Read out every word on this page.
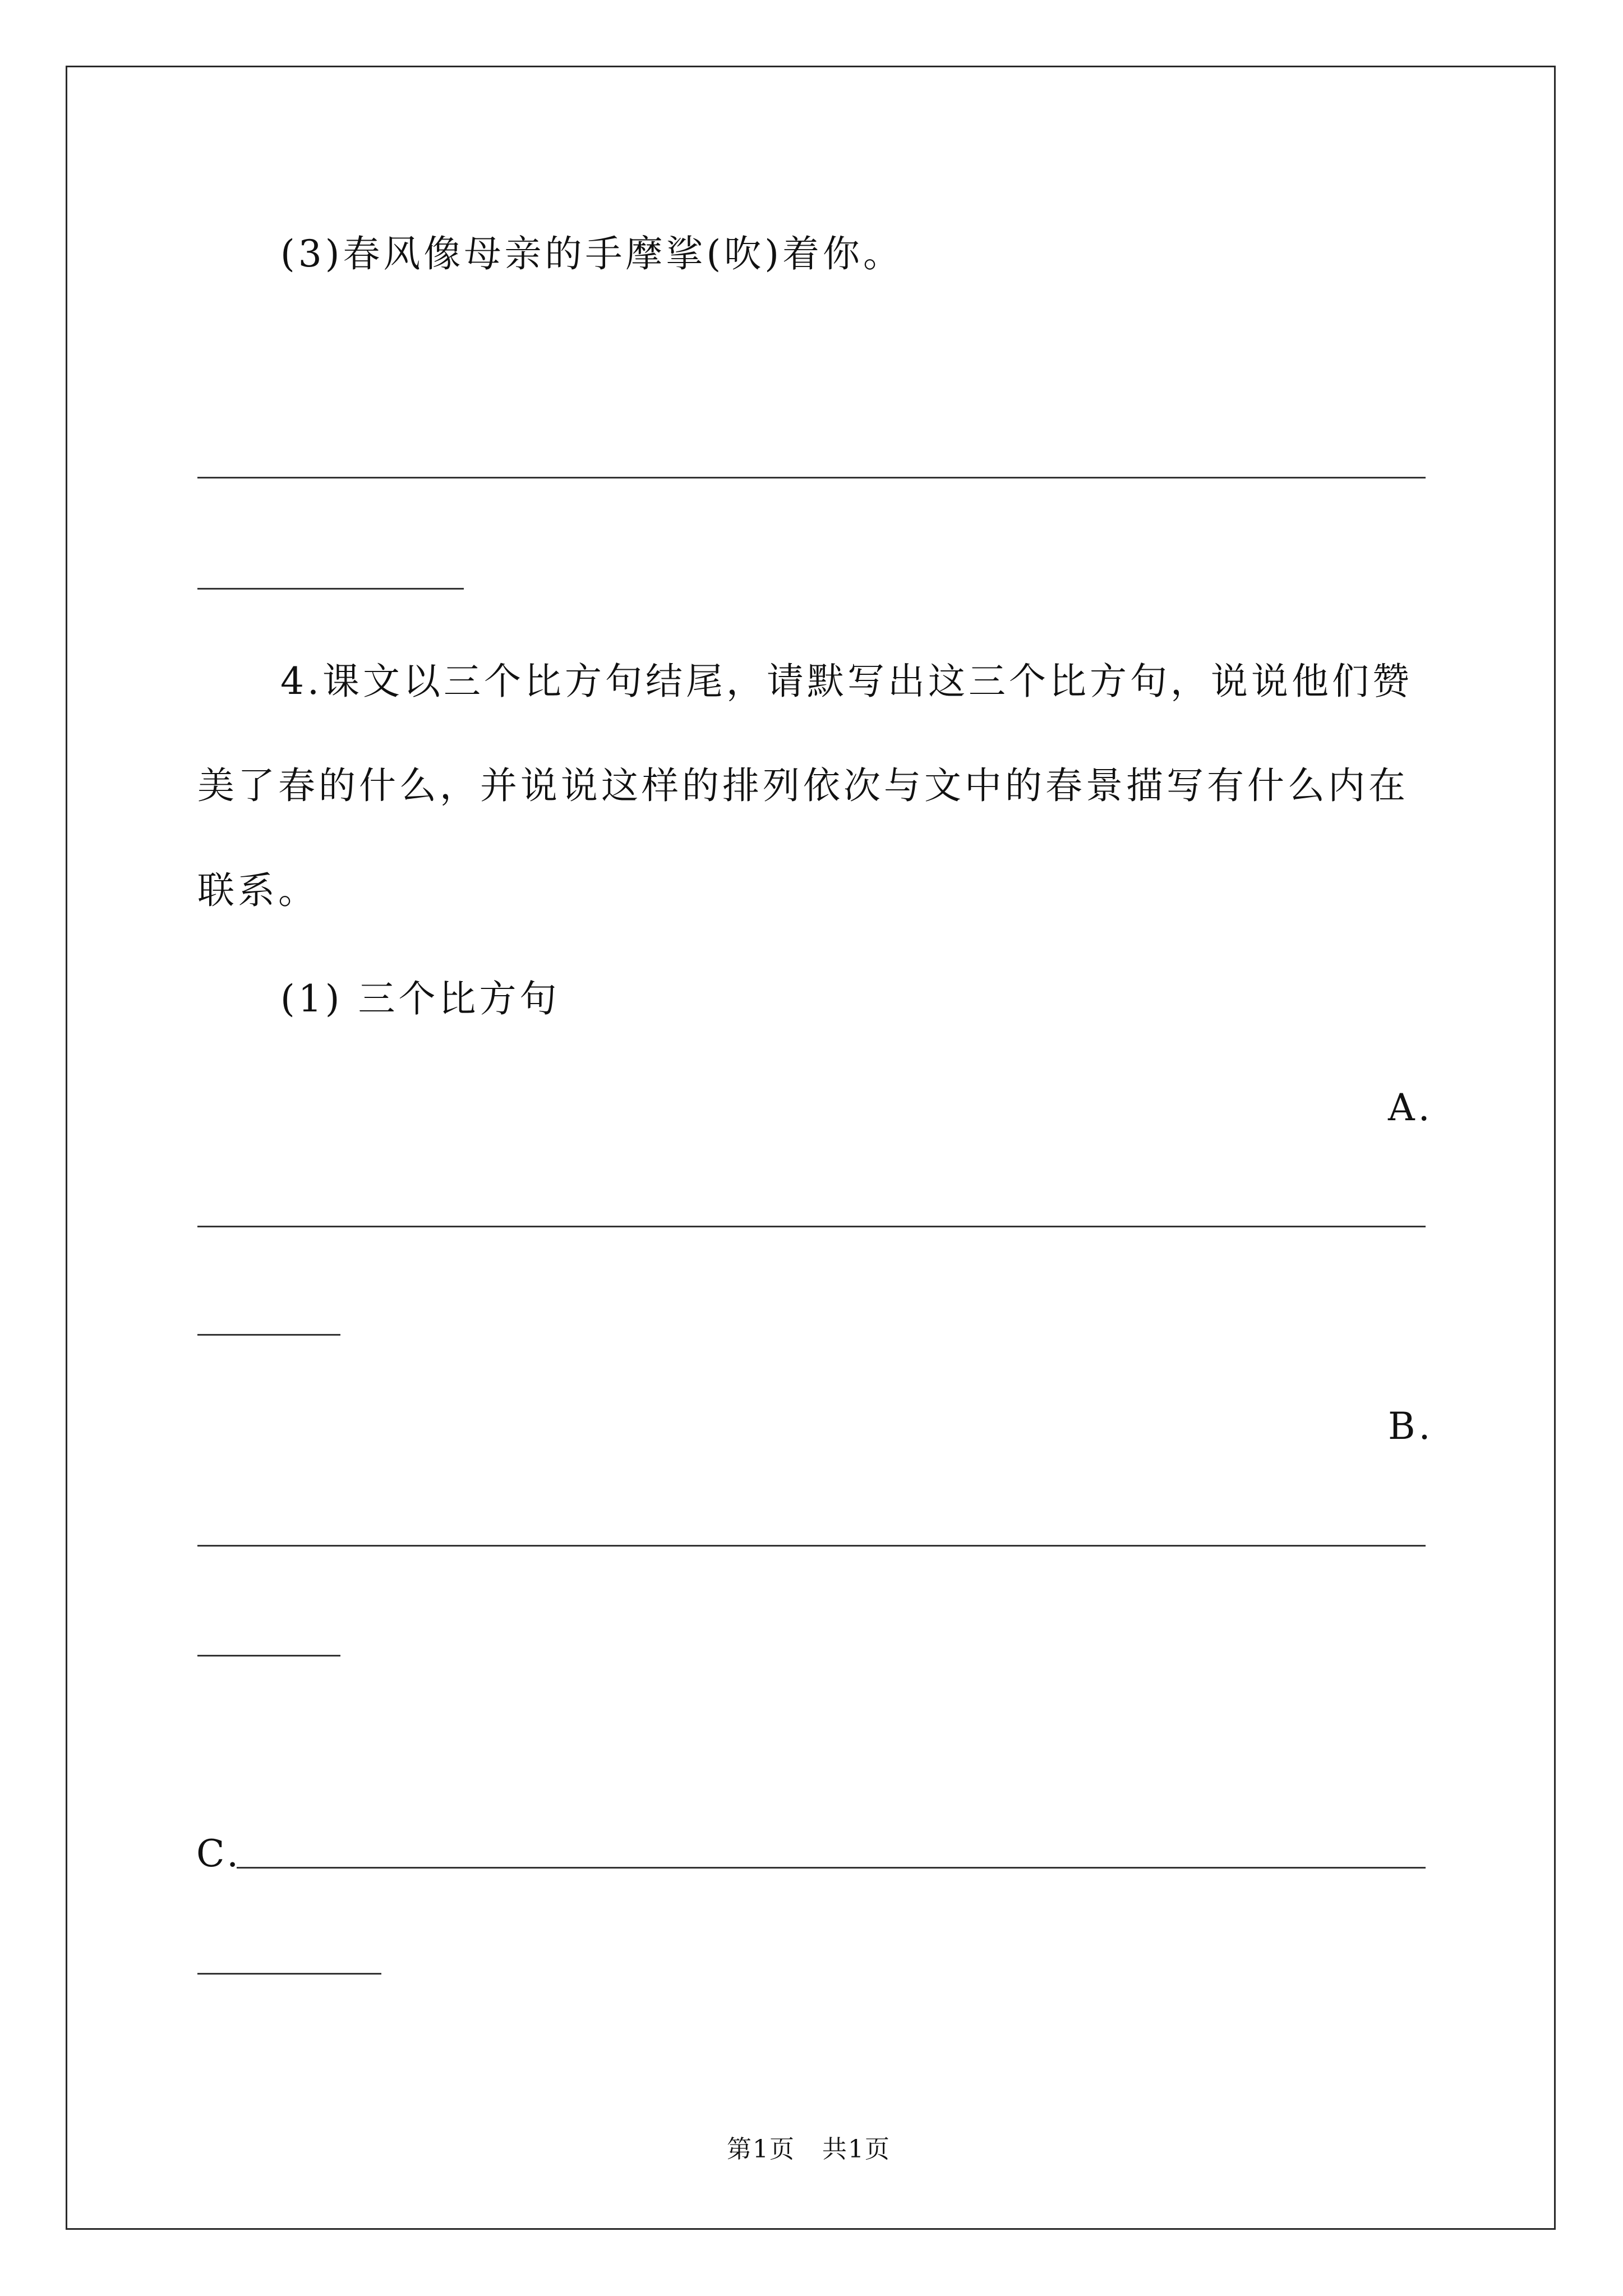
(3)春风像母亲的手摩挲(吹)着你。
4.课文以三个比方句结尾，请默写出这三个比方句，说说他们赞
美了春的什么，并说说这样的排列依次与文中的春景描写有什么内在
联系。
(1) 三个比方句
A.
B.
C.
第1页   共1页
